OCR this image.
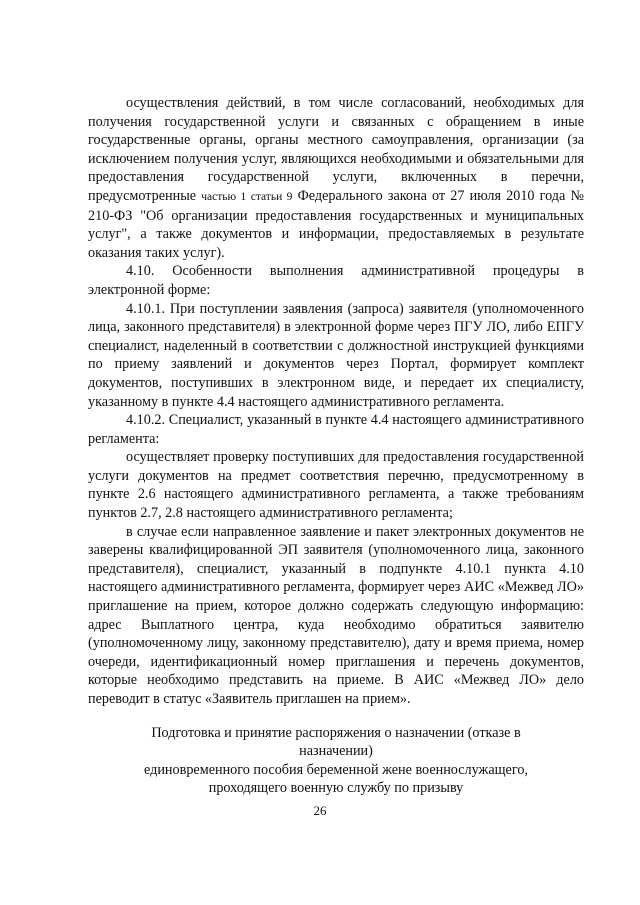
осуществления действий, в том числе согласований, необходимых для получения государственной услуги и связанных с обращением в иные государственные органы, органы местного самоуправления, организации (за исключением получения услуг, являющихся необходимыми и обязательными для предоставления государственной услуги, включенных в перечни, предусмотренные частью 1 статьи 9 Федерального закона от 27 июля 2010 года № 210-ФЗ "Об организации предоставления государственных и муниципальных услуг", а также документов и информации, предоставляемых в результате оказания таких услуг).

4.10. Особенности выполнения административной процедуры в электронной форме:

4.10.1. При поступлении заявления (запроса) заявителя (уполномоченного лица, законного представителя) в электронной форме через ПГУ ЛО, либо ЕПГУ специалист, наделенный в соответствии с должностной инструкцией функциями по приему заявлений и документов через Портал, формирует комплект документов, поступивших в электронном виде, и передает их специалисту, указанному в пункте 4.4 настоящего административного регламента.

4.10.2. Специалист, указанный в пункте 4.4 настоящего административного регламента:

осуществляет проверку поступивших для предоставления государственной услуги документов на предмет соответствия перечню, предусмотренному в пункте 2.6 настоящего административного регламента, а также требованиям пунктов 2.7, 2.8 настоящего административного регламента;

в случае если направленное заявление и пакет электронных документов не заверены квалифицированной ЭП заявителя (уполномоченного лица, законного представителя), специалист, указанный в подпункте 4.10.1 пункта 4.10 настоящего административного регламента, формирует через АИС «Межвед ЛО» приглашение на прием, которое должно содержать следующую информацию: адрес Выплатного центра, куда необходимо обратиться заявителю (уполномоченному лицу, законному представителю), дату и время приема, номер очереди, идентификационный номер приглашения и перечень документов, которые необходимо представить на приеме. В АИС «Межвед ЛО» дело переводит в статус «Заявитель приглашен на прием».

Подготовка и принятие распоряжения о назначении (отказе в
назначении)
единовременного пособия беременной жене военнослужащего,
проходящего военную службу по призыву
26
